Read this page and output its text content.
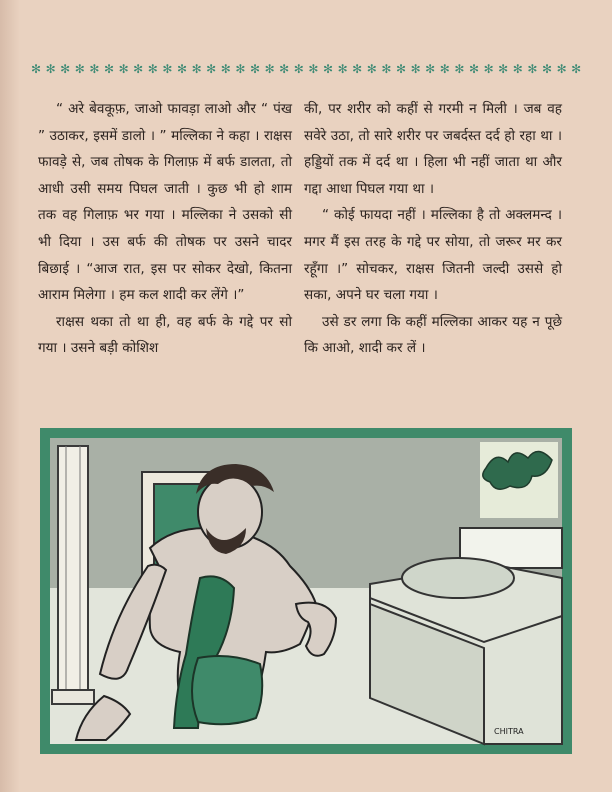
✻ ✻ ✻ ✻ ✻ ✻ ✻ ✻ ✻ ✻ ✻ ✻ ✻ ✻ ✻ ✻ ✻ ✻ ✻ ✻ ✻ ✻ ✻ ✻ ✻ ✻ ✻ ✻ ✻ ✻ ✻ ✻ ✻ ✻ ✻ ✻ ✻ ✻

“ अरे बेवकूफ़, जाओ फावड़ा लाओ और “ पंख ” उठाकर, इसमें डालो । ” मल्लिका ने कहा । राक्षस फावड़े से, जब तोषक के गिलाफ़ में बर्फ डालता, तो आधी उसी समय पिघल जाती । कुछ भी हो शाम तक वह गिलाफ़ भर गया । मल्लिका ने उसको सी भी दिया । उस बर्फ की तोषक पर उसने चादर बिछाई । “आज रात, इस पर सोकर देखो, कितना आराम मिलेगा । हम कल शादी कर लेंगे ।”

राक्षस थका तो था ही, वह बर्फ के गद्दे पर सो गया । उसने बड़ी कोशिश

की, पर शरीर को कहीं से गरमी न मिली । जब वह सवेरे उठा, तो सारे शरीर पर जबर्दस्त दर्द हो रहा था । हड्डियों तक में दर्द था । हिला भी नहीं जाता था और गद्दा आधा पिघल गया था ।

“ कोई फायदा नहीं । मल्लिका है तो अक्लमन्द । मगर मैं इस तरह के गद्दे पर सोया, तो जरूर मर कर रहूँगा ।” सोचकर, राक्षस जितनी जल्दी उससे हो सका, अपने घर चला गया ।

उसे डर लगा कि कहीं मल्लिका आकर यह न पूछे कि आओ, शादी कर लें ।

CHITRA
